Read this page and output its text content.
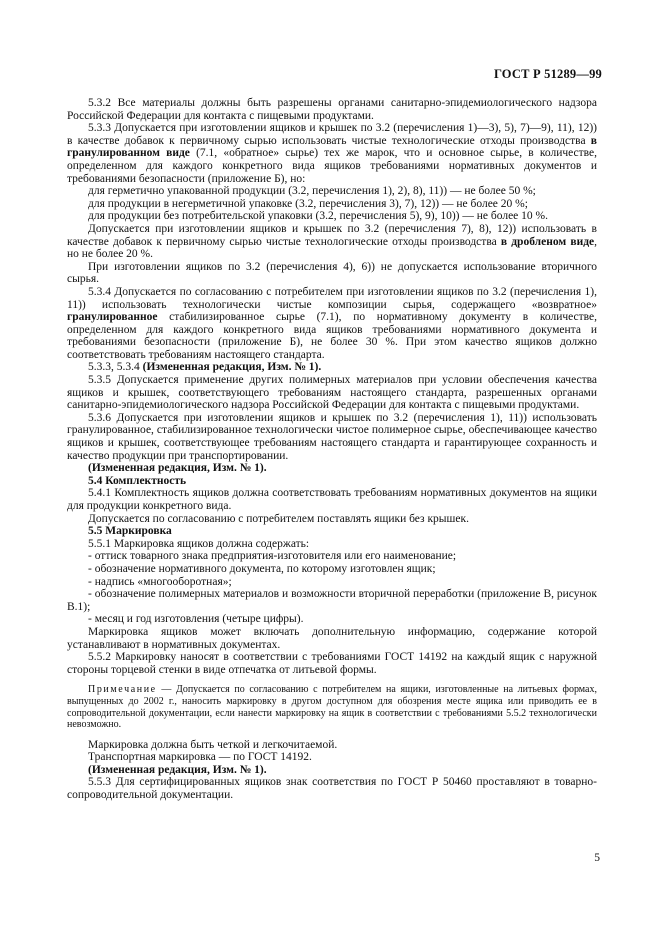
ГОСТ Р 51289—99

5.3.2 Все материалы должны быть разрешены органами санитарно-эпидемиологического надзора Российской Федерации для контакта с пищевыми продуктами.

5.3.3 Допускается при изготовлении ящиков и крышек по 3.2 (перечисления 1)—3), 5), 7)—9), 11), 12)) в качестве добавок к первичному сырью использовать чистые технологические отходы производства в гранулированном виде (7.1, «обратное» сырье) тех же марок, что и основное сырье, в количестве, определенном для каждого конкретного вида ящиков требованиями нормативных документов и требованиями безопасности (приложение Б), но:

для герметично упакованной продукции (3.2, перечисления 1), 2), 8), 11)) — не более 50 %;

для продукции в негерметичной упаковке (3.2, перечисления 3), 7), 12)) — не более 20 %;

для продукции без потребительской упаковки (3.2, перечисления 5), 9), 10)) — не более 10 %.

Допускается при изготовлении ящиков и крышек по 3.2 (перечисления 7), 8), 12)) использовать в качестве добавок к первичному сырью чистые технологические отходы производства в дробленом виде, но не более 20 %.

При изготовлении ящиков по 3.2 (перечисления 4), 6)) не допускается использование вторичного сырья.

5.3.4 Допускается по согласованию с потребителем при изготовлении ящиков по 3.2 (перечисления 1), 11)) использовать технологически чистые композиции сырья, содержащего «возвратное» гранулированное стабилизированное сырье (7.1), по нормативному документу в количестве, определенном для каждого конкретного вида ящиков требованиями нормативного документа и требованиями безопасности (приложение Б), не более 30 %. При этом качество ящиков должно соответствовать требованиям настоящего стандарта.

5.3.3, 5.3.4 (Измененная редакция, Изм. № 1).

5.3.5 Допускается применение других полимерных материалов при условии обеспечения качества ящиков и крышек, соответствующего требованиям настоящего стандарта, разрешенных органами санитарно-эпидемиологического надзора Российской Федерации для контакта с пищевыми продуктами.

5.3.6 Допускается при изготовлении ящиков и крышек по 3.2 (перечисления 1), 11)) использовать гранулированное, стабилизированное технологически чистое полимерное сырье, обеспечивающее качество ящиков и крышек, соответствующее требованиям настоящего стандарта и гарантирующее сохранность и качество продукции при транспортировании.

(Измененная редакция, Изм. № 1).

5.4 Комплектность

5.4.1 Комплектность ящиков должна соответствовать требованиям нормативных документов на ящики для продукции конкретного вида.

Допускается по согласованию с потребителем поставлять ящики без крышек.

5.5 Маркировка

5.5.1 Маркировка ящиков должна содержать:

- оттиск товарного знака предприятия-изготовителя или его наименование;

- обозначение нормативного документа, по которому изготовлен ящик;

- надпись «многооборотная»;

- обозначение полимерных материалов и возможности вторичной переработки (приложение В, рисунок В.1);

- месяц и год изготовления (четыре цифры).

Маркировка ящиков может включать дополнительную информацию, содержание которой устанавливают в нормативных документах.

5.5.2 Маркировку наносят в соответствии с требованиями ГОСТ 14192 на каждый ящик с наружной стороны торцевой стенки в виде отпечатка от литьевой формы.

Примечание — Допускается по согласованию с потребителем на ящики, изготовленные на литьевых формах, выпущенных до 2002 г., наносить маркировку в другом доступном для обозрения месте ящика или приводить ее в сопроводительной документации, если нанести маркировку на ящик в соответствии с требованиями 5.5.2 технологически невозможно.

Маркировка должна быть четкой и легкочитаемой.

Транспортная маркировка — по ГОСТ 14192.

(Измененная редакция, Изм. № 1).

5.5.3 Для сертифицированных ящиков знак соответствия по ГОСТ Р 50460 проставляют в товарно-сопроводительной документации.

5
